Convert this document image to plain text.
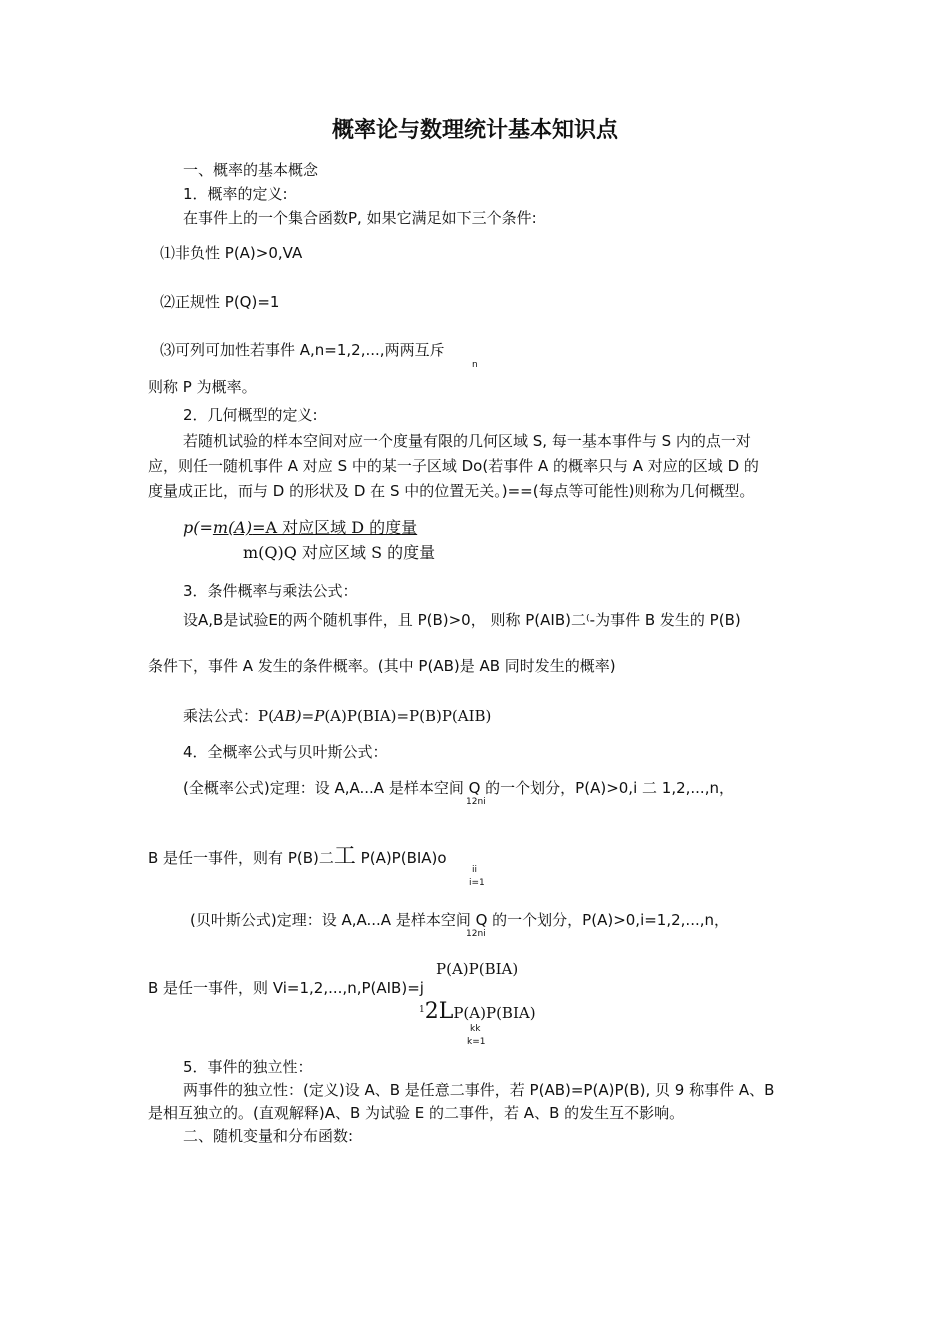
概率论与数理统计基本知识点
一、概率的基本概念
1．概率的定义:
在事件上的一个集合函数P, 如果它满足如下三个条件:
⑴非负性 P(A)>0,VA
⑵正规性 P(Q)=1
⑶可列可加性若事件 A,n=1,2,...,两两互斥
n
则称 P 为概率。
2．几何概型的定义:
若随机试验的样本空间对应一个度量有限的几何区域 S, 每一基本事件与 S 内的点一对
应，则任一随机事件 A 对应 S 中的某一子区域 Do(若事件 A 的概率只与 A 对应的区域 D 的
度量成正比，而与 D 的形状及 D 在 S 中的位置无关。)==(每点等可能性)则称为几何概型。
p(=m(A)=A 对应区域 D 的度量
m(Q)Q 对应区域 S 的度量
3．条件概率与乘法公式：
设A,B是试验E的两个随机事件，且 P(B)>0， 则称 P(AIB)二⁽-为事件 B 发生的 P(B)
条件下，事件 A 发生的条件概率。(其中 P(AB)是 AB 同时发生的概率)
乘法公式：P(AB)=P(A)P(BIA)=P(B)P(AIB)
4．全概率公式与贝叶斯公式：
(全概率公式)定理：设 A,A...A 是样本空间 Q 的一个划分，P(A)>0,i 二 1,2,...,n，
12ni
B 是任一事件，则有 P(B)二工 P(A)P(BIA)o
ii
i=1
(贝叶斯公式)定理：设 A,A...A 是样本空间 Q 的一个划分，P(A)>0,i=1,2,...,n，
12ni
P(A)P(BIA)
B 是任一事件，则 Vi=1,2,...,n,P(AIB)=j
$^1$2LP(A)P(BIA)
kk
k=1
5．事件的独立性：
两事件的独立性：(定义)设 A、B 是任意二事件，若 P(AB)=P(A)P(B), 贝 9 称事件 A、B
是相互独立的。(直观解释)A、B 为试验 E 的二事件，若 A、B 的发生互不影响。
二、随机变量和分布函数:
